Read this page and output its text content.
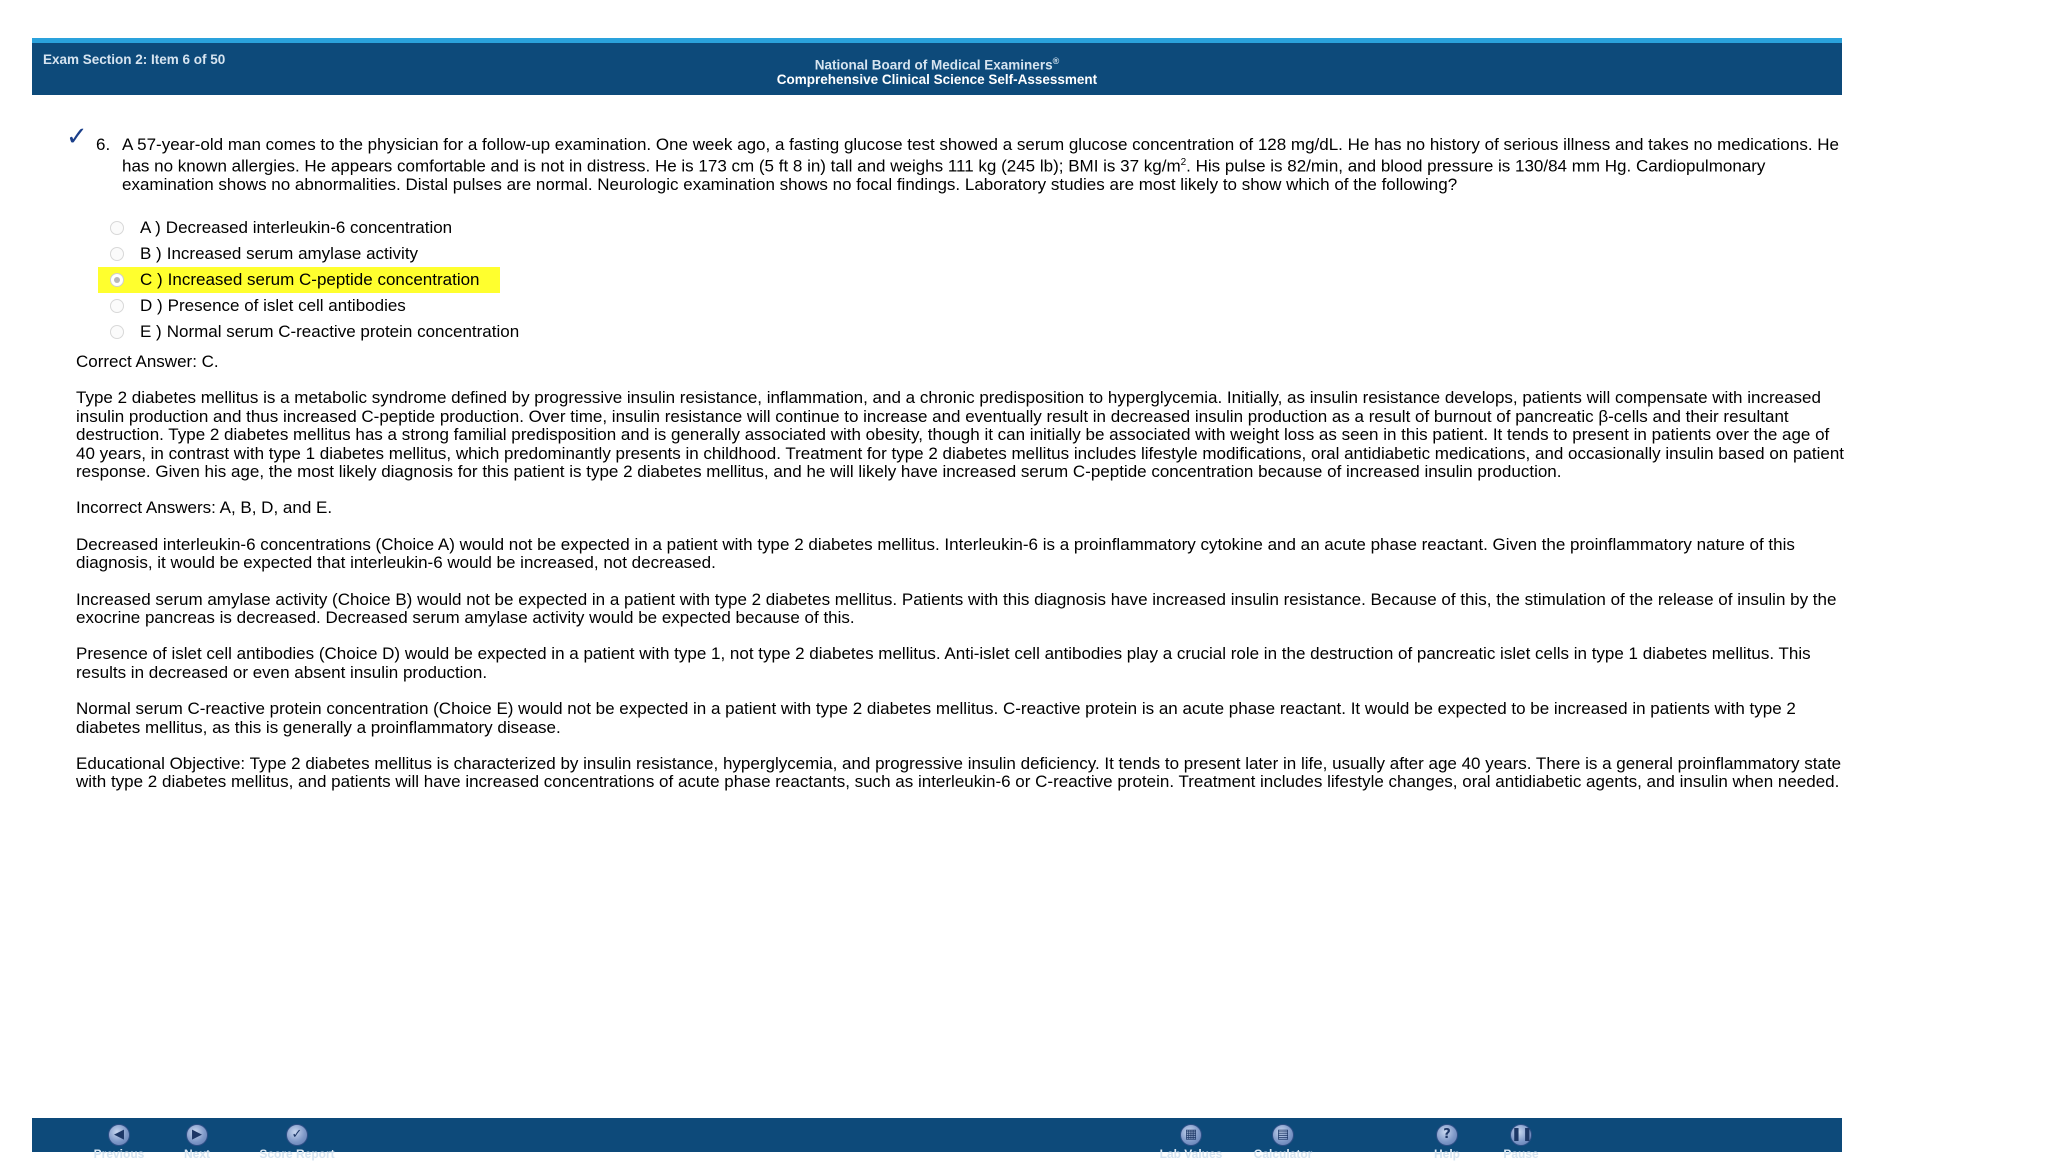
Exam Section 2: Item 6 of 50	National Board of Medical Examiners®
Comprehensive Clinical Science Self-Assessment
✓ 6. A 57-year-old man comes to the physician for a follow-up examination. One week ago, a fasting glucose test showed a serum glucose concentration of 128 mg/dL. He has no history of serious illness and takes no medications. He has no known allergies. He appears comfortable and is not in distress. He is 173 cm (5 ft 8 in) tall and weighs 111 kg (245 lb); BMI is 37 $kg/m^2$. His pulse is 82/min, and blood pressure is 130/84 mm Hg. Cardiopulmonary examination shows no abnormalities. Distal pulses are normal. Neurologic examination shows no focal findings. Laboratory studies are most likely to show which of the following?
A ) Decreased interleukin-6 concentration
B ) Increased serum amylase activity
C ) Increased serum C-peptide concentration
D ) Presence of islet cell antibodies
E ) Normal serum C-reactive protein concentration
Correct Answer: C.
Type 2 diabetes mellitus is a metabolic syndrome defined by progressive insulin resistance, inflammation, and a chronic predisposition to hyperglycemia. Initially, as insulin resistance develops, patients will compensate with increased insulin production and thus increased C-peptide production. Over time, insulin resistance will continue to increase and eventually result in decreased insulin production as a result of burnout of pancreatic β-cells and their resultant destruction. Type 2 diabetes mellitus has a strong familial predisposition and is generally associated with obesity, though it can initially be associated with weight loss as seen in this patient. It tends to present in patients over the age of 40 years, in contrast with type 1 diabetes mellitus, which predominantly presents in childhood. Treatment for type 2 diabetes mellitus includes lifestyle modifications, oral antidiabetic medications, and occasionally insulin based on patient response. Given his age, the most likely diagnosis for this patient is type 2 diabetes mellitus, and he will likely have increased serum C-peptide concentration because of increased insulin production.
Incorrect Answers: A, B, D, and E.
Decreased interleukin-6 concentrations (Choice A) would not be expected in a patient with type 2 diabetes mellitus. Interleukin-6 is a proinflammatory cytokine and an acute phase reactant. Given the proinflammatory nature of this diagnosis, it would be expected that interleukin-6 would be increased, not decreased.
Increased serum amylase activity (Choice B) would not be expected in a patient with type 2 diabetes mellitus. Patients with this diagnosis have increased insulin resistance. Because of this, the stimulation of the release of insulin by the exocrine pancreas is decreased. Decreased serum amylase activity would be expected because of this.
Presence of islet cell antibodies (Choice D) would be expected in a patient with type 1, not type 2 diabetes mellitus. Anti-islet cell antibodies play a crucial role in the destruction of pancreatic islet cells in type 1 diabetes mellitus. This results in decreased or even absent insulin production.
Normal serum C-reactive protein concentration (Choice E) would not be expected in a patient with type 2 diabetes mellitus. C-reactive protein is an acute phase reactant. It would be expected to be increased in patients with type 2 diabetes mellitus, as this is generally a proinflammatory disease.
Educational Objective: Type 2 diabetes mellitus is characterized by insulin resistance, hyperglycemia, and progressive insulin deficiency. It tends to present later in life, usually after age 40 years. There is a general proinflammatory state with type 2 diabetes mellitus, and patients will have increased concentrations of acute phase reactants, such as interleukin-6 or C-reactive protein. Treatment includes lifestyle changes, oral antidiabetic agents, and insulin when needed.
◀
Previous
▶
Next
✓
Score Report
▦
Lab Values
▤
Calculator
?
Help
❚❚
Pause
